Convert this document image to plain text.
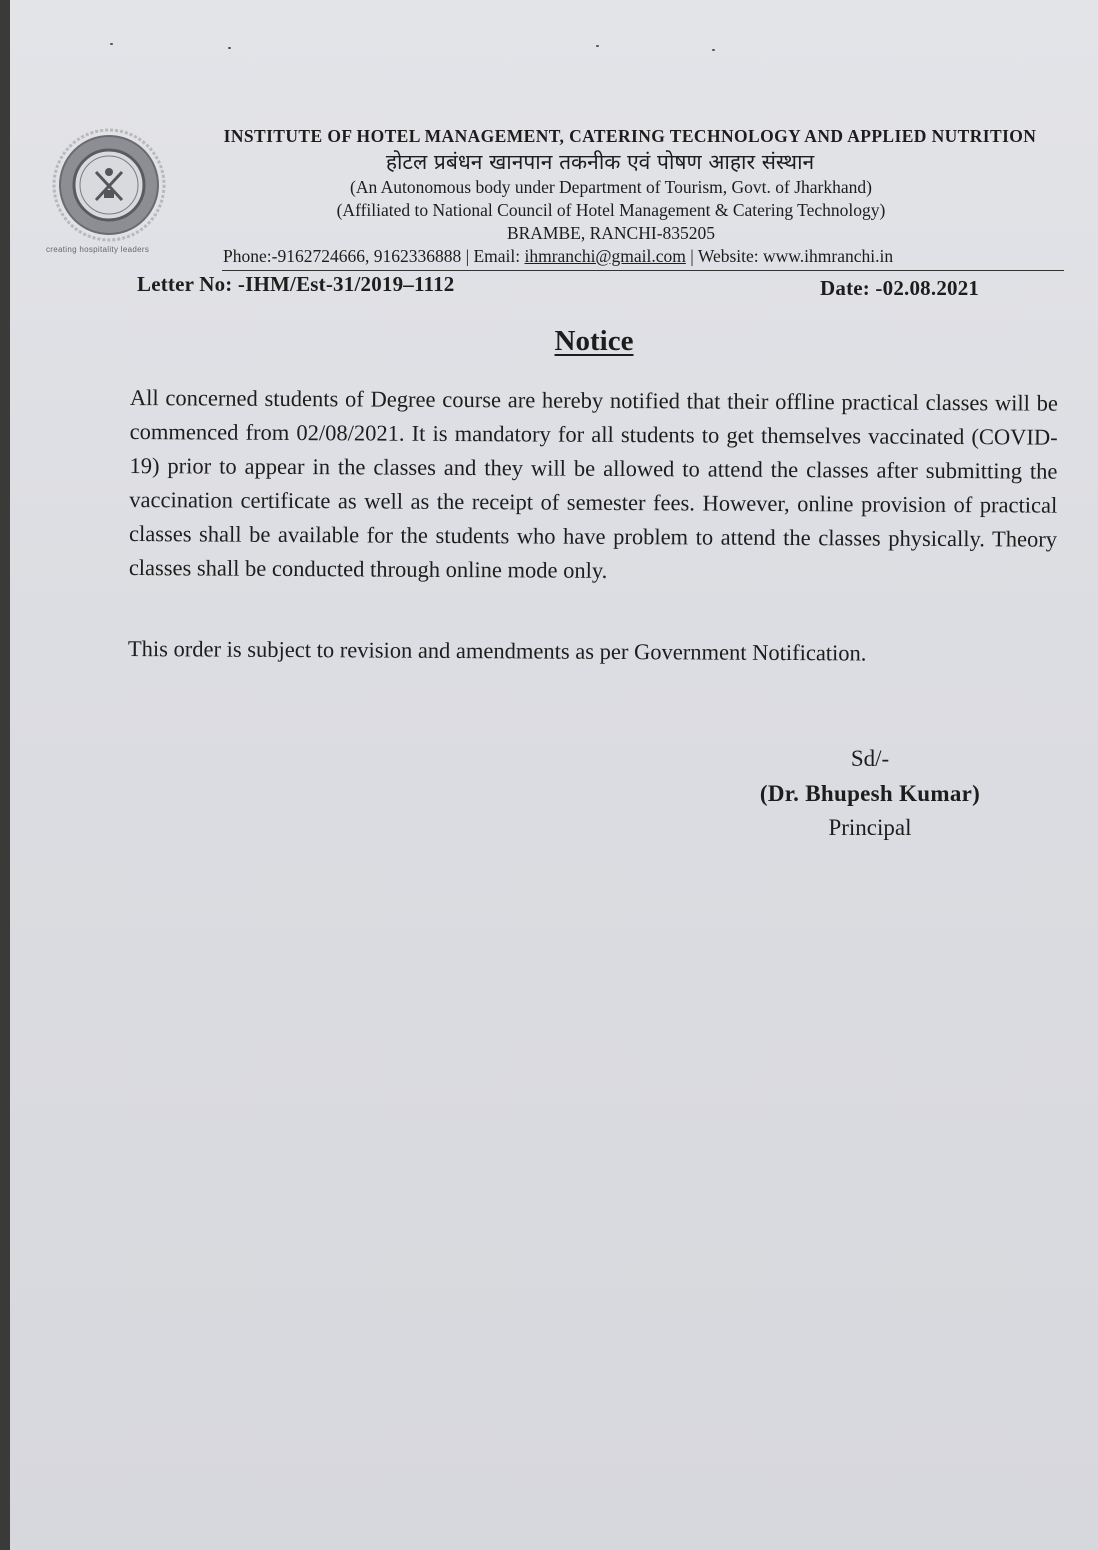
creating hospitality leaders

INSTITUTE OF HOTEL MANAGEMENT, CATERING TECHNOLOGY AND APPLIED NUTRITION

होटल प्रबंधन खानपान तकनीक एवं पोषण आहार संस्थान

(An Autonomous body under Department of Tourism, Govt. of Jharkhand)

(Affiliated to National Council of Hotel Management & Catering Technology)

BRAMBE, RANCHI-835205

Phone:-9162724666, 9162336888 | Email: ihmranchi@gmail.com | Website: www.ihmranchi.in
Letter No: -IHM/Est-31/2019–1112	Date: -02.08.2021
Notice
All concerned students of Degree course are hereby notified that their offline practical classes will be commenced from 02/08/2021. It is mandatory for all students to get themselves vaccinated (COVID-19) prior to appear in the classes and they will be allowed to attend the classes after submitting the vaccination certificate as well as the receipt of semester fees. However, online provision of practical classes shall be available for the students who have problem to attend the classes physically. Theory classes shall be conducted through online mode only.
This order is subject to revision and amendments as per Government Notification.
Sd/-
(Dr. Bhupesh Kumar)
Principal
